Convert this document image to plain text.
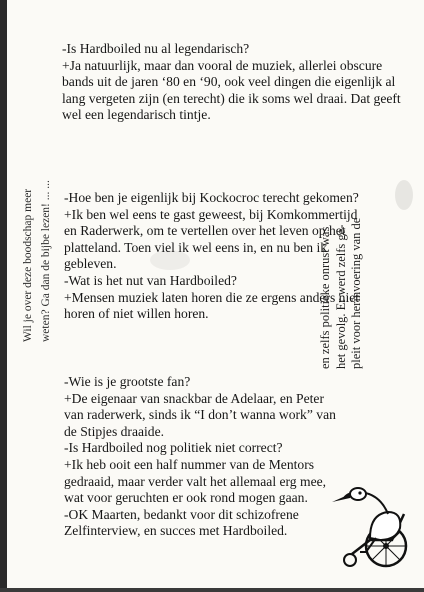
-Is Hardboiled nu al legendarisch?
+Ja natuurlijk, maar dan vooral de muziek, allerlei obscure bands uit de jaren ‘80 en ‘90, ook veel dingen die eigenlijk al lang vergeten zijn (en terecht) die ik soms wel draai. Dat geeft wel een legendarisch tintje.

Wil je over deze boodschap meer weten? Ga dan de bijbe lezen! ... ... -Hoe ben je eigenlijk bij Kockocroc terecht gekomen?
+Ik ben wel eens te gast geweest, bij Komkommertijd en Raderwerk, om te vertellen over het leven op het platteland. Toen viel ik wel eens in, en nu ben ik gebleven.
-Wat is het nut van Hardboiled?
+Mensen muziek laten horen die ze ergens anders niet horen of niet willen horen.	en zelfs politieke onrust was het gevolg. Er werd zelfs ge- pleit voor herinvoering van de

-Wie is je grootste fan?
+De eigenaar van snackbar de Adelaar, en Peter van raderwerk, sinds ik “I don’t wanna work” van de Stipjes draaide.
-Is Hardboiled nog politiek niet correct?
+Ik heb ooit een half nummer van de Mentors gedraaid, maar verder valt het allemaal erg mee, wat voor geruchten er ook rond mogen gaan.
-OK Maarten, bedankt voor dit schizofrene Zelfinterview, en succes met Hardboiled.
